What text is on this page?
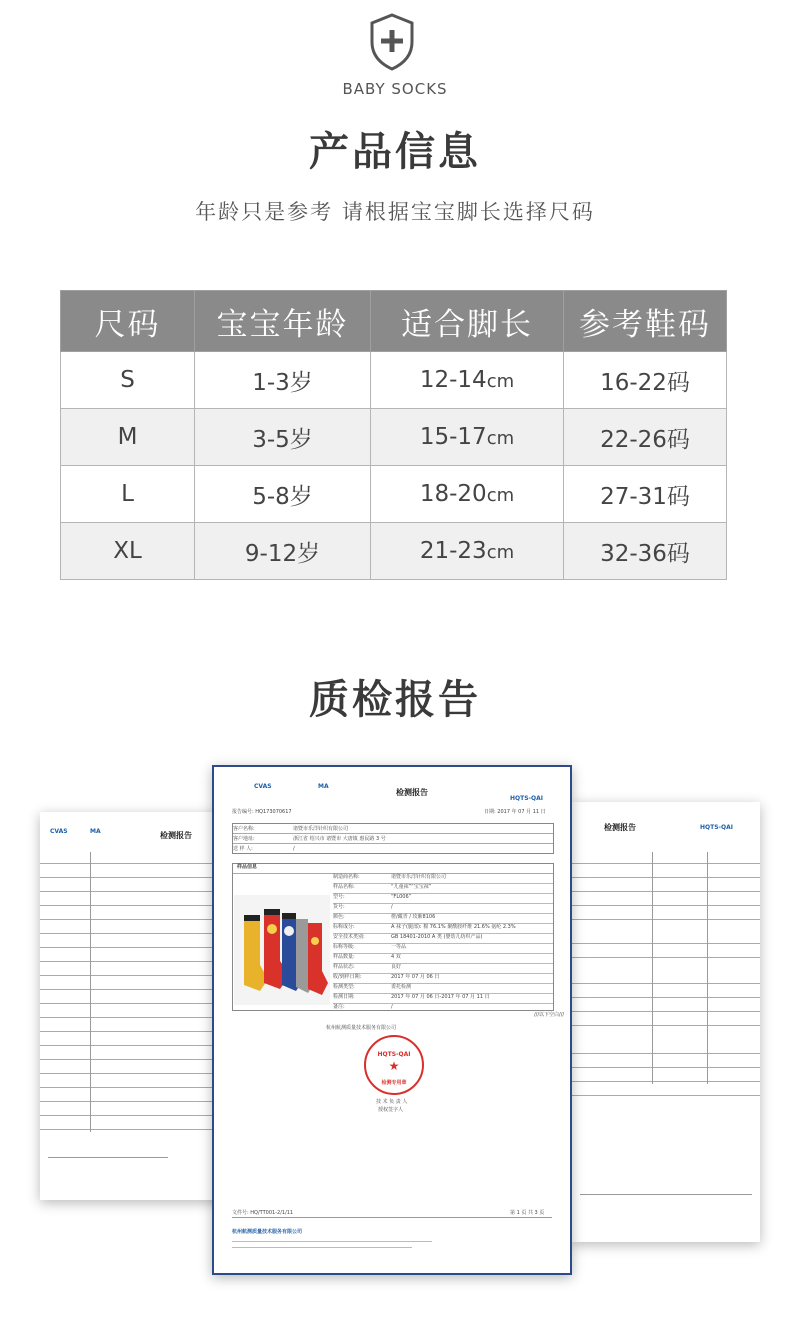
BABY SOCKS
产品信息
年龄只是参考 请根据宝宝脚长选择尺码
尺码	宝宝年龄	适合脚长	参考鞋码
S	1-3岁	12-14cm	16-22码
M	3-5岁	15-17cm	22-26码
L	5-8岁	18-20cm	27-31码
XL	9-12岁	21-23cm	32-36码
质检报告
CVAS	MA	检测报告
检测报告	HQTS-QAI
CVAS	MA
检测报告
HQTS-QAI
报告编号: HQ173070617	日期: 2017 年 07 月 11 日
客户名称:	诸暨市乐洋针织有限公司
客户地址:	浙江省 绍兴市 诸暨市 大唐镇 惠民路 3 号
送 样 人:	/
样品信息
制造商名称:	诸暨市乐洋针织有限公司
样品名称:	“儿童袜”“宝宝袜”
型号:	“FL006”
货号:	/
颜色:	橙/藏青 / 玫紫8106
标称成分:	A 袜子(腿部): 棉 76.1% 聚酰胺纤维 21.6% 氨纶 2.3%
安全技术类别:	GB 18401-2010 A 类 (婴幼儿纺织产品)
标称等级:	一等品
样品数量:	4 双
样品状态:	良好
收/到样日期:	2017 年 07 月 06 日
检测类型:	委托检测
检测日期:	2017 年 07 月 06 日-2017 年 07 月 11 日
备注:	/
///以下空白///
杭州航测质量技术服务有限公司
HQTS-QAI
★
检测专用章
技 术 负 责 人
授权签字人
文件号: HQ/TT001-2/1/11	第 1 页 共 3 页
杭州航测质量技术服务有限公司
